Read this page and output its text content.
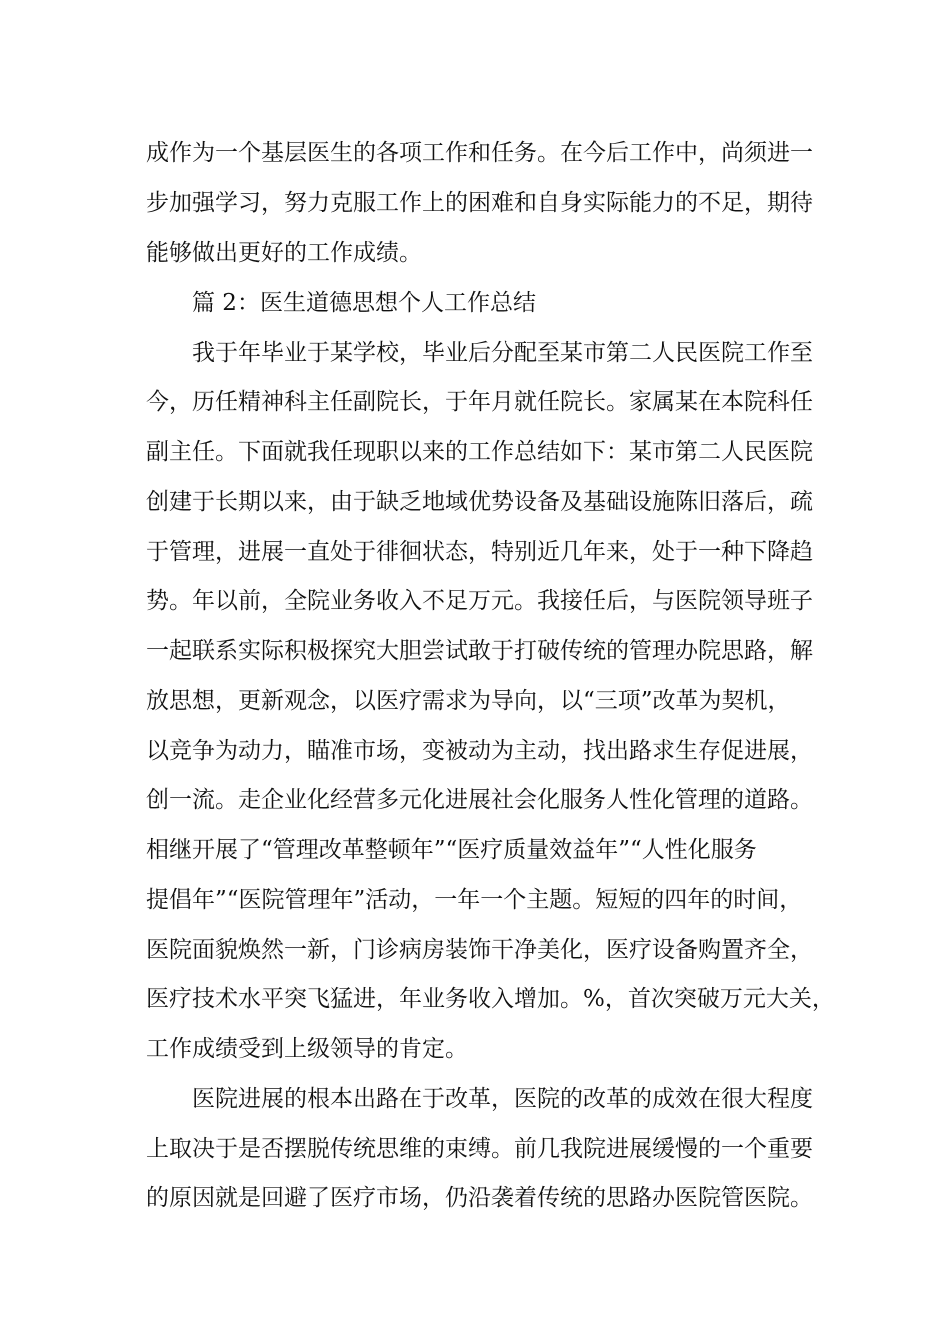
成作为一个基层医生的各项工作和任务。在今后工作中，尚须进一

步加强学习，努力克服工作上的困难和自身实际能力的不足，期待

能够做出更好的工作成绩。

篇 2：医生道德思想个人工作总结

我于年毕业于某学校，毕业后分配至某市第二人民医院工作至

今，历任精神科主任副院长，于年月就任院长。家属某在本院科任

副主任。下面就我任现职以来的工作总结如下：某市第二人民医院

创建于长期以来，由于缺乏地域优势设备及基础设施陈旧落后，疏

于管理，进展一直处于徘徊状态，特别近几年来，处于一种下降趋

势。年以前，全院业务收入不足万元。我接任后，与医院领导班子

一起联系实际积极探究大胆尝试敢于打破传统的管理办院思路，解

放思想，更新观念，以医疗需求为导向，以“三项”改革为契机，

以竞争为动力，瞄准市场，变被动为主动，找出路求生存促进展，

创一流。走企业化经营多元化进展社会化服务人性化管理的道路。

相继开展了“管理改革整顿年”“医疗质量效益年”“人性化服务

提倡年”“医院管理年”活动，一年一个主题。短短的四年的时间，

医院面貌焕然一新，门诊病房装饰干净美化，医疗设备购置齐全，

医疗技术水平突飞猛进，年业务收入增加。%，首次突破万元大关，

工作成绩受到上级领导的肯定。

医院进展的根本出路在于改革，医院的改革的成效在很大程度

上取决于是否摆脱传统思维的束缚。前几我院进展缓慢的一个重要

的原因就是回避了医疗市场，仍沿袭着传统的思路办医院管医院。
